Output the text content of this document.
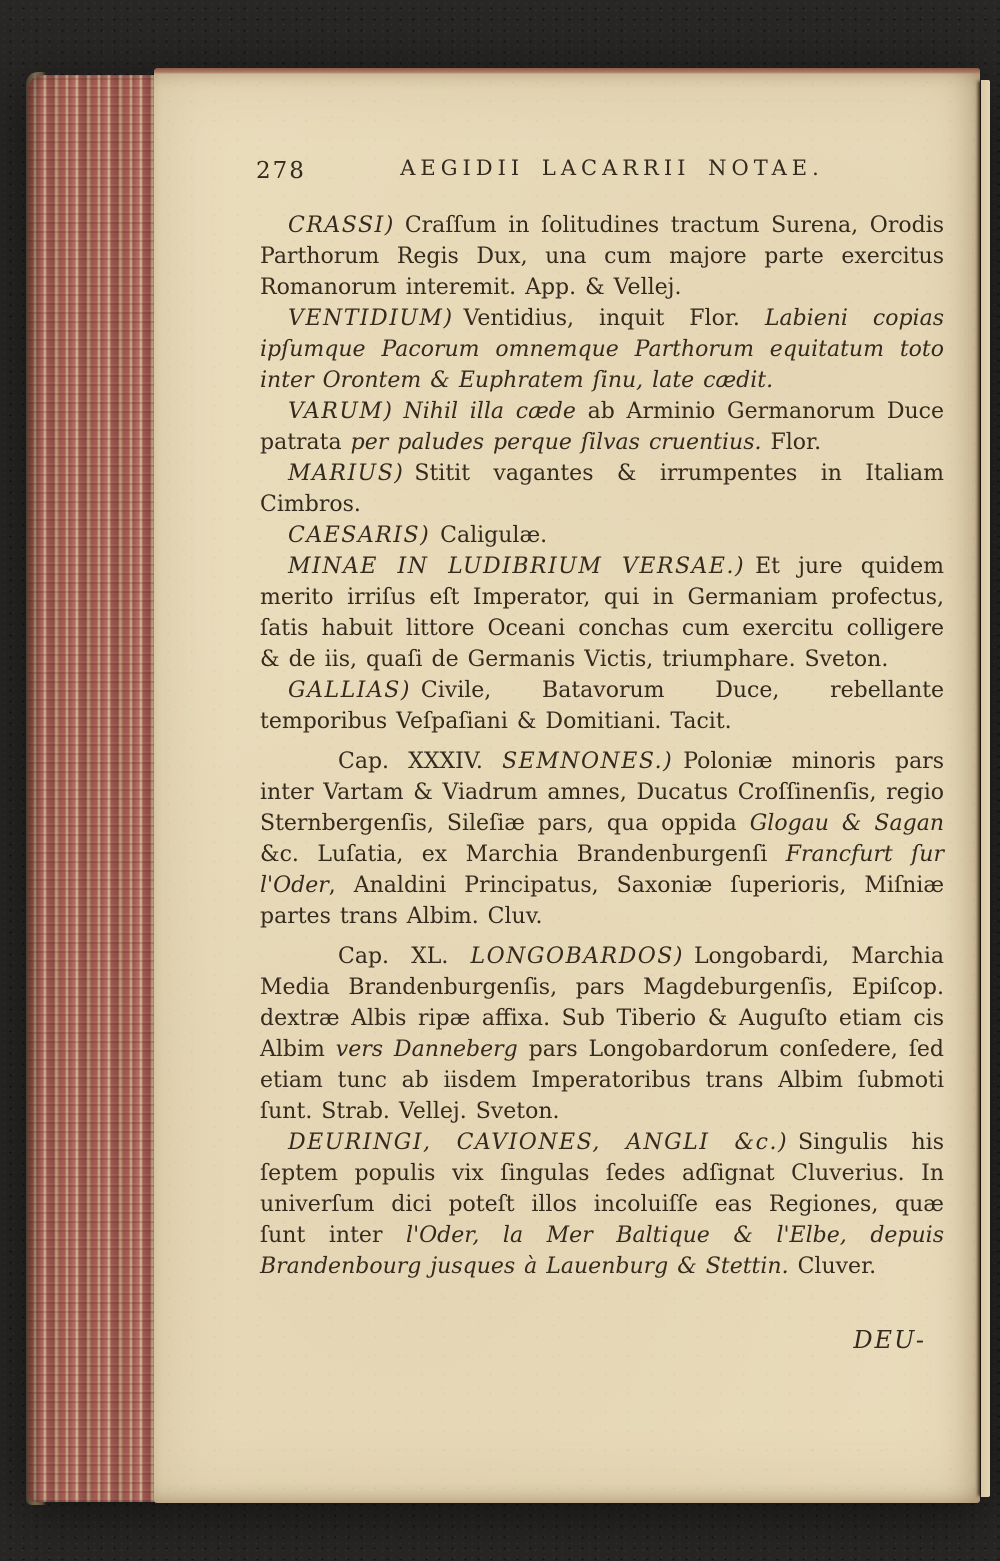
278	AEGIDII LACARRII NOTAE.

CRASSI) Craſſum in ſolitudines tractum Surena, Orodis Parthorum Regis Dux, una cum majore parte exercitus Romanorum interemit. App. & Vellej.

VENTIDIUM) Ventidius, inquit Flor. Labieni copias ipſumque Pacorum omnemque Parthorum equitatum toto inter Orontem & Euphratem ſinu, late cædit.

VARUM) Nihil illa cæde ab Arminio Germanorum Duce patrata per paludes perque ſilvas cruentius. Flor.

MARIUS) Stitit vagantes & irrumpentes in Italiam Cimbros.

CAESARIS) Caligulæ.

MINAE IN LUDIBRIUM VERSAE.) Et jure quidem merito irriſus eſt Imperator, qui in Germaniam profectus, ſatis habuit littore Oceani conchas cum exercitu colligere & de iis, quaſi de Germanis Victis, triumphare. Sveton.

GALLIAS) Civile, Batavorum Duce, rebellante temporibus Veſpaſiani & Domitiani. Tacit.

Cap. XXXIV. SEMNONES.) Poloniæ minoris pars inter Vartam & Viadrum amnes, Ducatus Croſſinenſis, regio Sternbergenſis, Sileſiæ pars, qua oppida Glogau & Sagan &c. Luſatia, ex Marchia Brandenburgenſi Francfurt ſur l'Oder, Analdini Principatus, Saxoniæ ſuperioris, Miſniæ partes trans Albim. Cluv.

Cap. XL. LONGOBARDOS) Longobardi, Marchia Media Brandenburgenſis, pars Magdeburgenſis, Epiſcop. dextræ Albis ripæ affixa. Sub Tiberio & Auguſto etiam cis Albim vers Danneberg pars Longobardorum conſedere, ſed etiam tunc ab iisdem Imperatoribus trans Albim ſubmoti ſunt. Strab. Vellej. Sveton.

DEURINGI, CAVIONES, ANGLI &c.) Singulis his ſeptem populis vix ſingulas ſedes adſignat Cluverius. In univerſum dici poteſt illos incoluiſſe eas Regiones, quæ ſunt inter l'Oder, la Mer Baltique & l'Elbe, depuis Brandenbourg jusques à Lauenburg & Stettin. Cluver.

DEU-
